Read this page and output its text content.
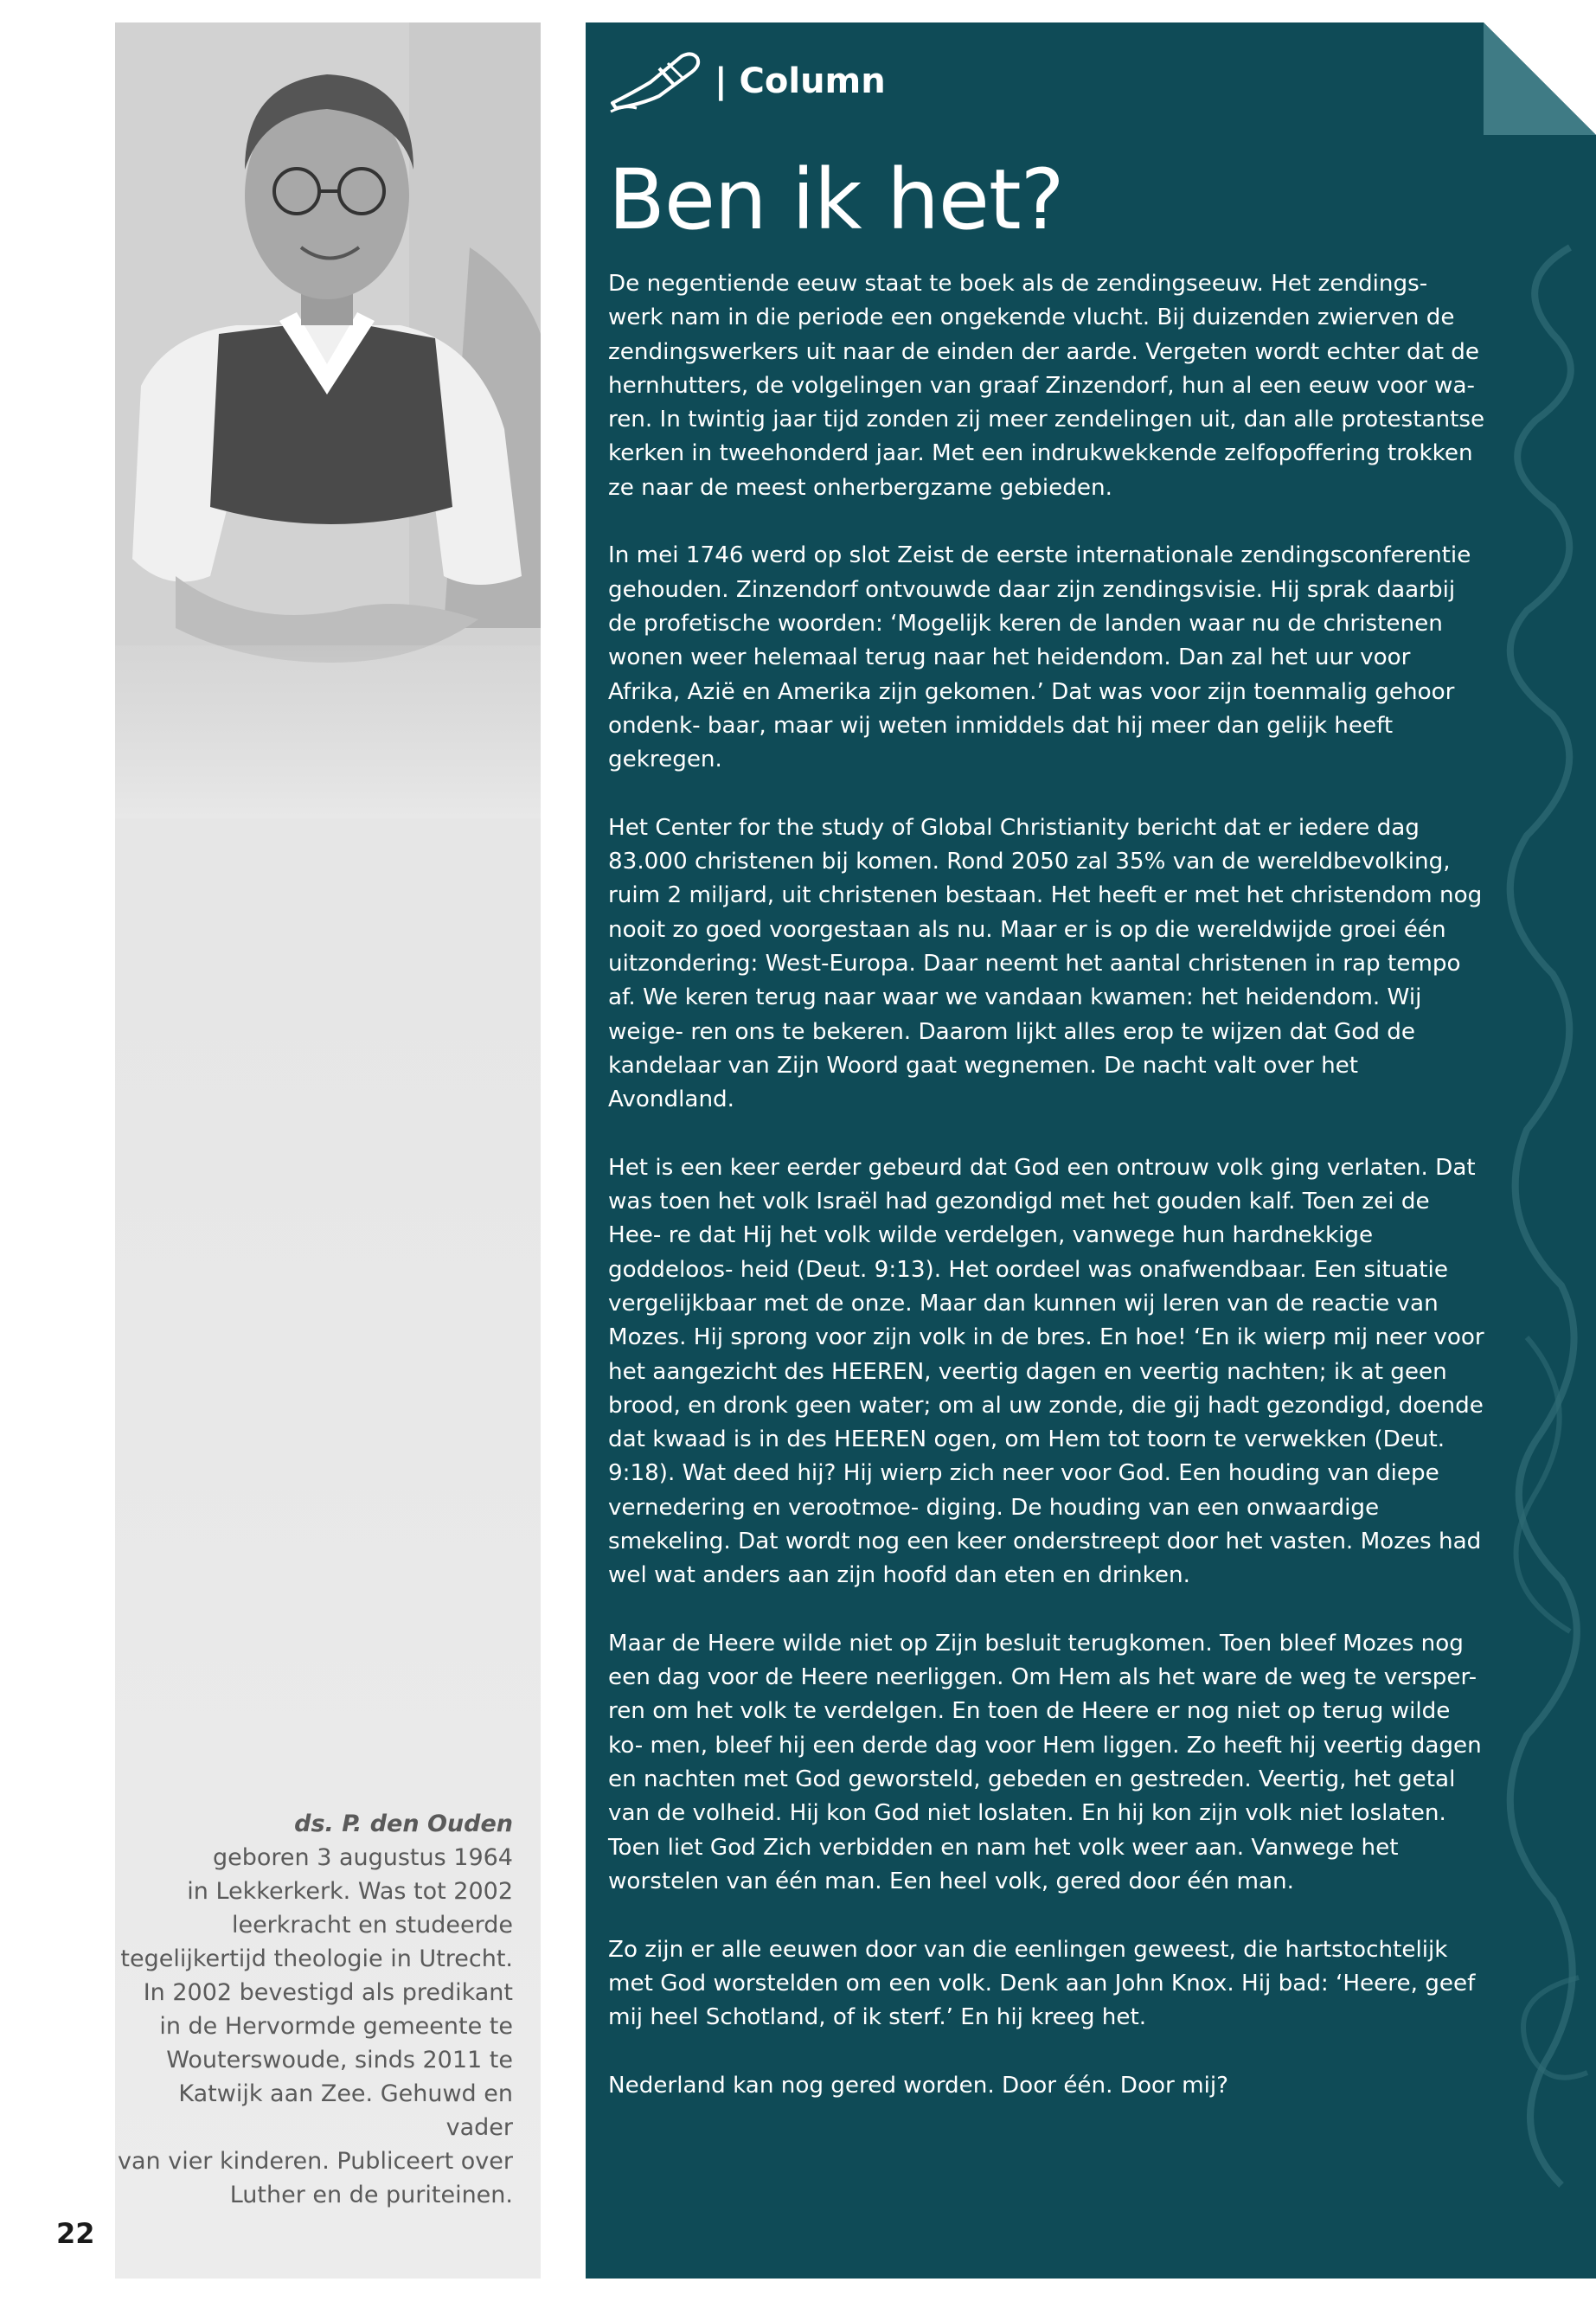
ds. P. den Ouden
geboren 3 augustus 1964
in Lekkerkerk. Was tot 2002
leerkracht en studeerde
tegelijkertijd theologie in Utrecht.
In 2002 bevestigd als predikant
in de Hervormde gemeente te
Wouterswoude, sinds 2011 te
Katwijk aan Zee. Gehuwd en vader
van vier kinderen. Publiceert over
Luther en de puriteinen.
22
| Column
Ben ik het?

De negentiende eeuw staat te boek als de zendingseeuw. Het zendings- werk nam in die periode een ongekende vlucht. Bij duizenden zwierven de zendingswerkers uit naar de einden der aarde. Vergeten wordt echter dat de hernhutters, de volgelingen van graaf Zinzendorf, hun al een eeuw voor wa- ren. In twintig jaar tijd zonden zij meer zendelingen uit, dan alle protestantse kerken in tweehonderd jaar. Met een indrukwekkende zelfopoffering trokken ze naar de meest onherbergzame gebieden.

In mei 1746 werd op slot Zeist de eerste internationale zendingsconferentie gehouden. Zinzendorf ontvouwde daar zijn zendingsvisie. Hij sprak daarbij de profetische woorden: ‘Mogelijk keren de landen waar nu de christenen wonen weer helemaal terug naar het heidendom. Dan zal het uur voor Afrika, Azië en Amerika zijn gekomen.’ Dat was voor zijn toenmalig gehoor ondenk- baar, maar wij weten inmiddels dat hij meer dan gelijk heeft gekregen.

Het Center for the study of Global Christianity bericht dat er iedere dag 83.000 christenen bij komen. Rond 2050 zal 35% van de wereldbevolking, ruim 2 miljard, uit christenen bestaan. Het heeft er met het christendom nog nooit zo goed voorgestaan als nu. Maar er is op die wereldwijde groei één uitzondering: West-Europa. Daar neemt het aantal christenen in rap tempo af. We keren terug naar waar we vandaan kwamen: het heidendom. Wij weige- ren ons te bekeren. Daarom lijkt alles erop te wijzen dat God de kandelaar van Zijn Woord gaat wegnemen. De nacht valt over het Avondland.

Het is een keer eerder gebeurd dat God een ontrouw volk ging verlaten. Dat was toen het volk Israël had gezondigd met het gouden kalf. Toen zei de Hee- re dat Hij het volk wilde verdelgen, vanwege hun hardnekkige goddeloos- heid (Deut. 9:13). Het oordeel was onafwendbaar. Een situatie vergelijkbaar met de onze. Maar dan kunnen wij leren van de reactie van Mozes. Hij sprong voor zijn volk in de bres. En hoe! ‘En ik wierp mij neer voor het aangezicht des HEEREN, veertig dagen en veertig nachten; ik at geen brood, en dronk geen water; om al uw zonde, die gij hadt gezondigd, doende dat kwaad is in des HEEREN ogen, om Hem tot toorn te verwekken (Deut. 9:18). Wat deed hij? Hij wierp zich neer voor God. Een houding van diepe vernedering en verootmoe- diging. De houding van een onwaardige smekeling. Dat wordt nog een keer onderstreept door het vasten. Mozes had wel wat anders aan zijn hoofd dan eten en drinken.

Maar de Heere wilde niet op Zijn besluit terugkomen. Toen bleef Mozes nog een dag voor de Heere neerliggen. Om Hem als het ware de weg te versper- ren om het volk te verdelgen. En toen de Heere er nog niet op terug wilde ko- men, bleef hij een derde dag voor Hem liggen. Zo heeft hij veertig dagen en nachten met God geworsteld, gebeden en gestreden. Veertig, het getal van de volheid. Hij kon God niet loslaten. En hij kon zijn volk niet loslaten. Toen liet God Zich verbidden en nam het volk weer aan. Vanwege het worstelen van één man. Een heel volk, gered door één man.

Zo zijn er alle eeuwen door van die eenlingen geweest, die hartstochtelijk met God worstelden om een volk. Denk aan John Knox. Hij bad: ‘Heere, geef mij heel Schotland, of ik sterf.’ En hij kreeg het.

Nederland kan nog gered worden. Door één. Door mij?
